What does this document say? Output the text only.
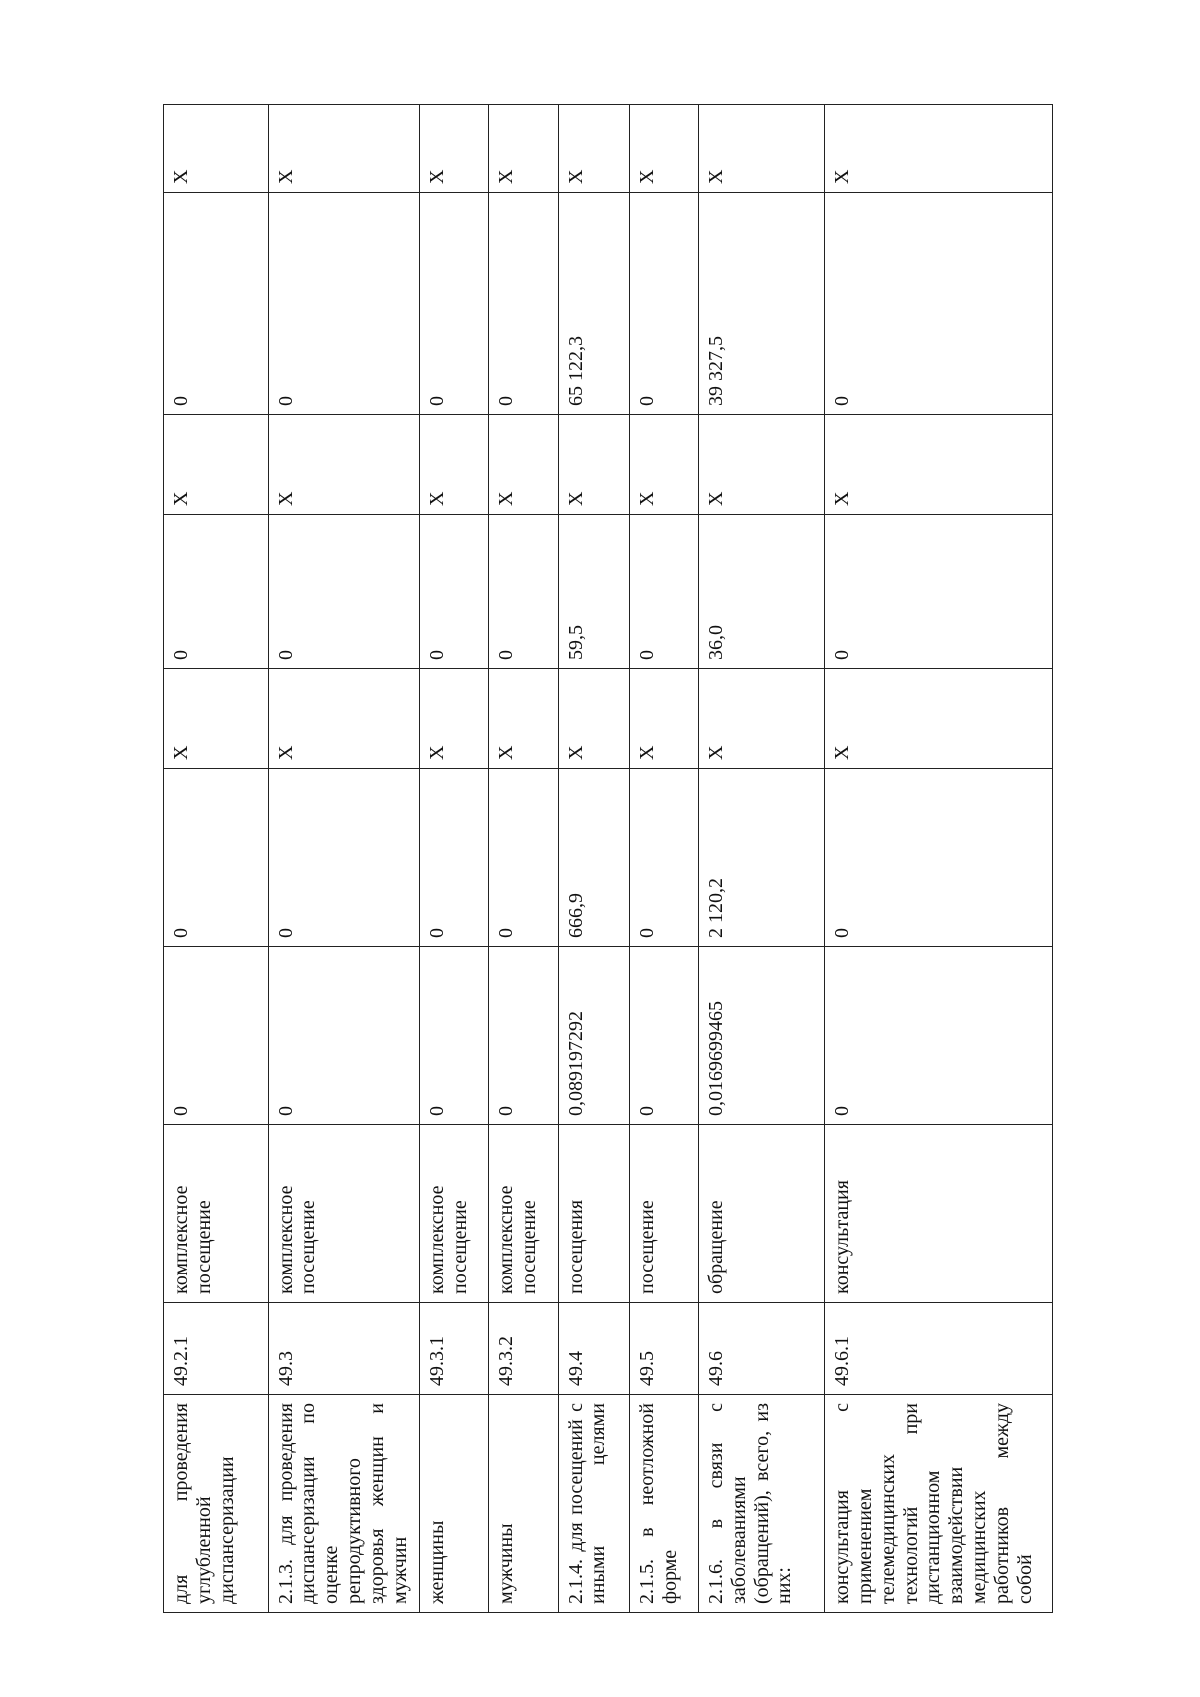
для проведения углубленной диспансеризации	49.2.1	комплексное посещение	0	0	X	0	X	0	X
2.1.3. для проведения диспансеризации по оценке репродуктивного здоровья женщин и мужчин	49.3	комплексное посещение	0	0	X	0	X	0	X
женщины	49.3.1	комплексное посещение	0	0	X	0	X	0	X
мужчины	49.3.2	комплексное посещение	0	0	X	0	X	0	X
2.1.4. для посещений с иными целями	49.4	посещения	0,089197292	666,9	X	59,5	X	65 122,3	X
2.1.5. в неотложной форме	49.5	посещение	0	0	X	0	X	0	X
2.1.6. в связи с заболеваниями (обращений), всего, из них:	49.6	обращение	0,0169699465	2 120,2	X	36,0	X	39 327,5	X
консультация с применением телемедицинских технологий при дистанционном взаимодействии медицинских работников между собой	49.6.1	консультация	0	0	X	0	X	0	X
